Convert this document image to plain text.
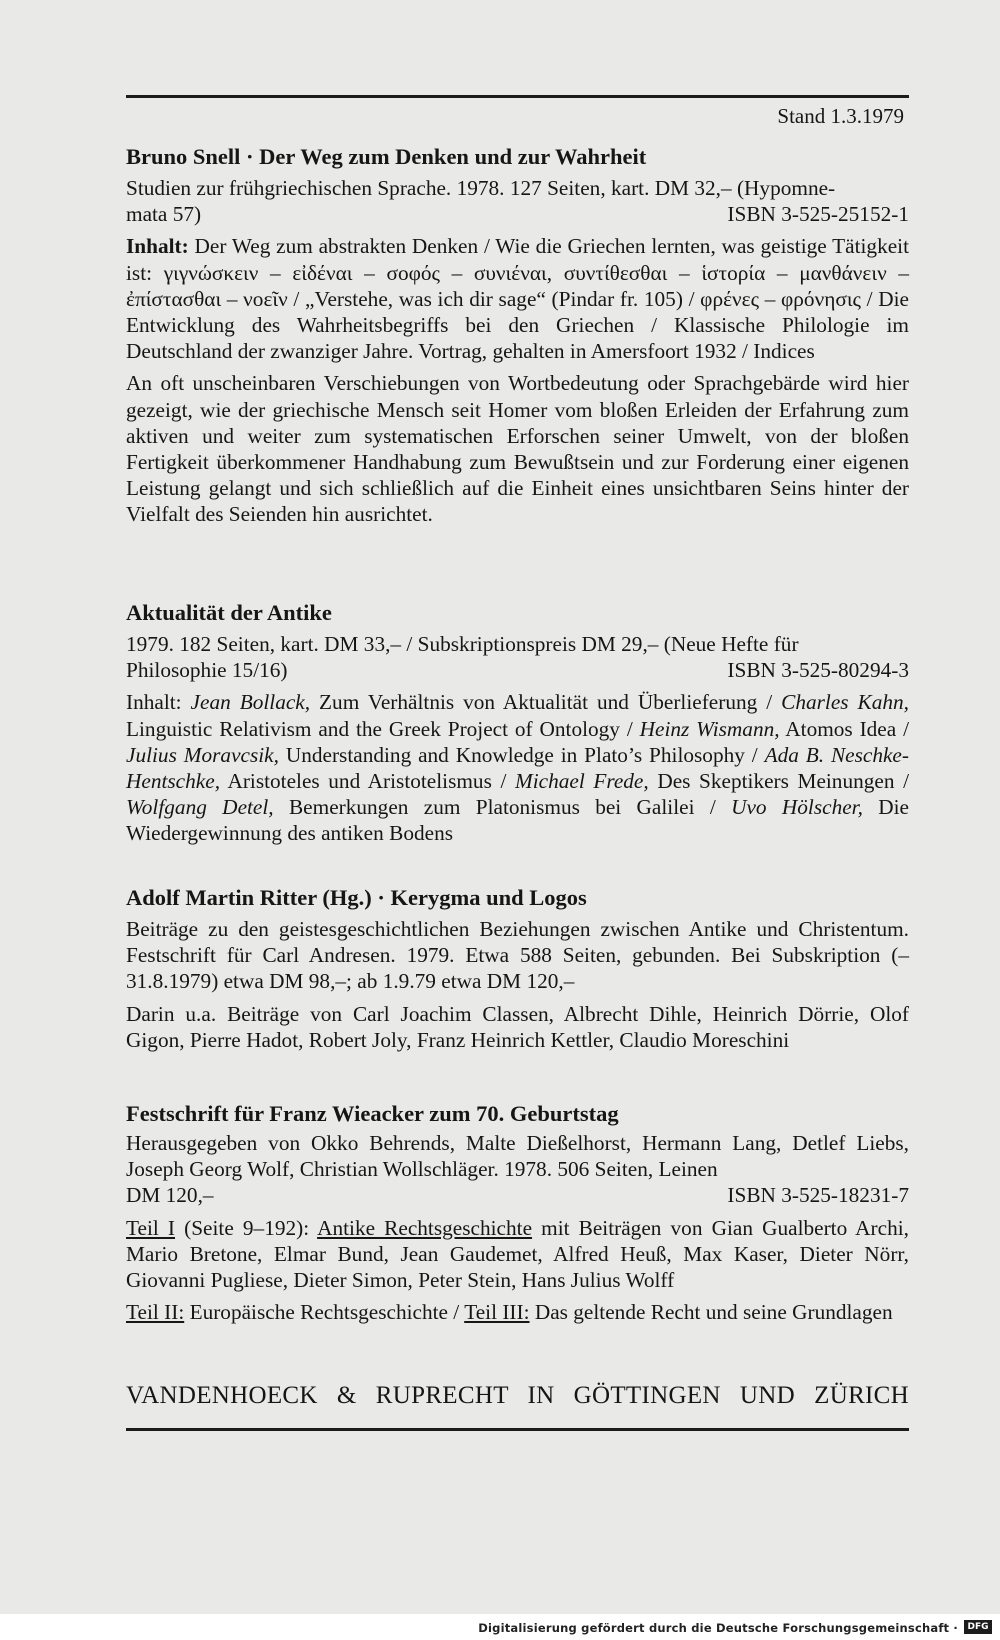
Stand 1.3.1979

Bruno Snell · Der Weg zum Denken und zur Wahrheit

Studien zur frühgriechischen Sprache. 1978. 127 Seiten, kart. DM 32,– (Hypomne-

mata 57)	ISBN 3-525-25152-1

Inhalt: Der Weg zum abstrakten Denken / Wie die Griechen lernten, was geistige Tätigkeit ist: γιγνώσκειν – εἰδέναι – σοφός – συνιέναι, συντίθεσθαι – ἱστορία – μανθάνειν – ἐπίστασθαι – νοεῖν / „Verstehe, was ich dir sage“ (Pindar fr. 105) / φρένες – φρόνησις / Die Entwicklung des Wahrheitsbegriffs bei den Griechen / Klassische Philologie im Deutschland der zwanziger Jahre. Vortrag, gehalten in Amersfoort 1932 / Indices

An oft unscheinbaren Verschiebungen von Wortbedeutung oder Sprachgebärde wird hier gezeigt, wie der griechische Mensch seit Homer vom bloßen Erleiden der Erfahrung zum aktiven und weiter zum systematischen Erforschen seiner Umwelt, von der bloßen Fertigkeit überkommener Handhabung zum Bewußtsein und zur Forderung einer eigenen Leistung gelangt und sich schließlich auf die Einheit eines unsichtbaren Seins hinter der Vielfalt des Seienden hin ausrichtet.

Aktualität der Antike

1979. 182 Seiten, kart. DM 33,– / Subskriptionspreis DM 29,– (Neue Hefte für

Philosophie 15/16)	ISBN 3-525-80294-3

Inhalt: Jean Bollack, Zum Verhältnis von Aktualität und Überlieferung / Charles Kahn, Linguistic Relativism and the Greek Project of Ontology / Heinz Wismann, Atomos Idea / Julius Moravcsik, Understanding and Knowledge in Plato’s Philosophy / Ada B. Neschke-Hentschke, Aristoteles und Aristotelismus / Michael Frede, Des Skeptikers Meinungen / Wolfgang Detel, Bemerkungen zum Platonismus bei Galilei / Uvo Hölscher, Die Wiedergewinnung des antiken Bodens

Adolf Martin Ritter (Hg.) · Kerygma und Logos

Beiträge zu den geistesgeschichtlichen Beziehungen zwischen Antike und Christentum. Festschrift für Carl Andresen. 1979. Etwa 588 Seiten, gebunden. Bei Subskription (–31.8.1979) etwa DM 98,–; ab 1.9.79 etwa DM 120,–

Darin u.a. Beiträge von Carl Joachim Classen, Albrecht Dihle, Heinrich Dörrie, Olof Gigon, Pierre Hadot, Robert Joly, Franz Heinrich Kettler, Claudio Moreschini

Festschrift für Franz Wieacker zum 70. Geburtstag

Herausgegeben von Okko Behrends, Malte Dießelhorst, Hermann Lang, Detlef Liebs, Joseph Georg Wolf, Christian Wollschläger. 1978. 506 Seiten, Leinen

DM 120,–	ISBN 3-525-18231-7

Teil I (Seite 9–192): Antike Rechtsgeschichte mit Beiträgen von Gian Gualberto Archi, Mario Bretone, Elmar Bund, Jean Gaudemet, Alfred Heuß, Max Kaser, Dieter Nörr, Giovanni Pugliese, Dieter Simon, Peter Stein, Hans Julius Wolff

Teil II: Europäische Rechtsgeschichte / Teil III: Das geltende Recht und seine Grundlagen

VANDENHOECK & RUPRECHT IN GÖTTINGEN UND ZÜRICH
Digitalisierung gefördert durch die Deutsche Forschungsgemeinschaft ·	DFG
